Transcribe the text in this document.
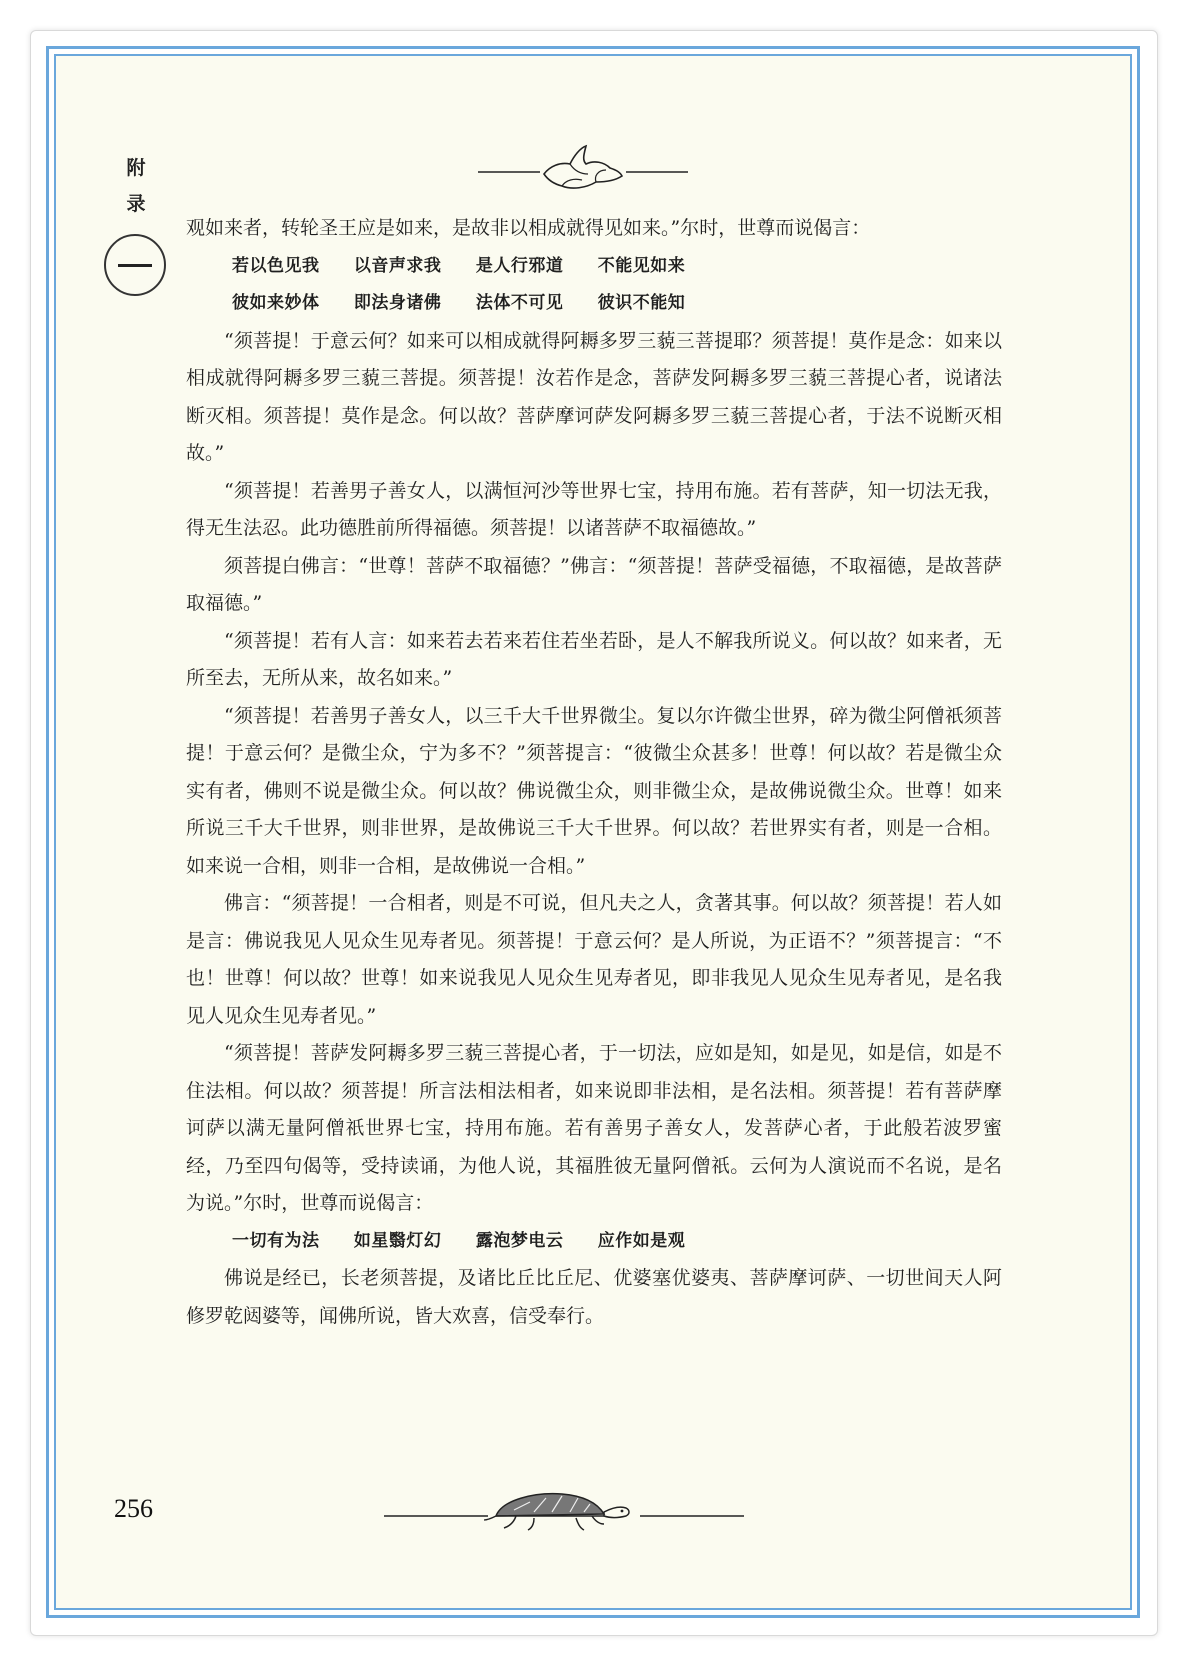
附
录

观如来者，转轮圣王应是如来，是故非以相成就得见如来。”尔时，世尊而说偈言：

若以色见我 以音声求我 是人行邪道 不能见如来

彼如来妙体 即法身诸佛 法体不可见 彼识不能知

“须菩提！于意云何？如来可以相成就得阿耨多罗三藐三菩提耶？须菩提！莫作是念：如来以相成就得阿耨多罗三藐三菩提。须菩提！汝若作是念，菩萨发阿耨多罗三藐三菩提心者，说诸法断灭相。须菩提！莫作是念。何以故？菩萨摩诃萨发阿耨多罗三藐三菩提心者，于法不说断灭相故。”

“须菩提！若善男子善女人，以满恒河沙等世界七宝，持用布施。若有菩萨，知一切法无我，得无生法忍。此功德胜前所得福德。须菩提！以诸菩萨不取福德故。”

须菩提白佛言：“世尊！菩萨不取福德？”佛言：“须菩提！菩萨受福德，不取福德，是故菩萨取福德。”

“须菩提！若有人言：如来若去若来若住若坐若卧，是人不解我所说义。何以故？如来者，无所至去，无所从来，故名如来。”

“须菩提！若善男子善女人，以三千大千世界微尘。复以尔许微尘世界，碎为微尘阿僧祇须菩提！于意云何？是微尘众，宁为多不？”须菩提言：“彼微尘众甚多！世尊！何以故？若是微尘众实有者，佛则不说是微尘众。何以故？佛说微尘众，则非微尘众，是故佛说微尘众。世尊！如来所说三千大千世界，则非世界，是故佛说三千大千世界。何以故？若世界实有者，则是一合相。如来说一合相，则非一合相，是故佛说一合相。”

佛言：“须菩提！一合相者，则是不可说，但凡夫之人，贪著其事。何以故？须菩提！若人如是言：佛说我见人见众生见寿者见。须菩提！于意云何？是人所说，为正语不？”须菩提言：“不也！世尊！何以故？世尊！如来说我见人见众生见寿者见，即非我见人见众生见寿者见，是名我见人见众生见寿者见。”

“须菩提！菩萨发阿耨多罗三藐三菩提心者，于一切法，应如是知，如是见，如是信，如是不住法相。何以故？须菩提！所言法相法相者，如来说即非法相，是名法相。须菩提！若有菩萨摩诃萨以满无量阿僧祇世界七宝，持用布施。若有善男子善女人，发菩萨心者，于此般若波罗蜜经，乃至四句偈等，受持读诵，为他人说，其福胜彼无量阿僧祇。云何为人演说而不名说，是名为说。”尔时，世尊而说偈言：

一切有为法 如星翳灯幻 露泡梦电云 应作如是观

佛说是经已，长老须菩提，及诸比丘比丘尼、优婆塞优婆夷、菩萨摩诃萨、一切世间天人阿修罗乾闼婆等，闻佛所说，皆大欢喜，信受奉行。

256
